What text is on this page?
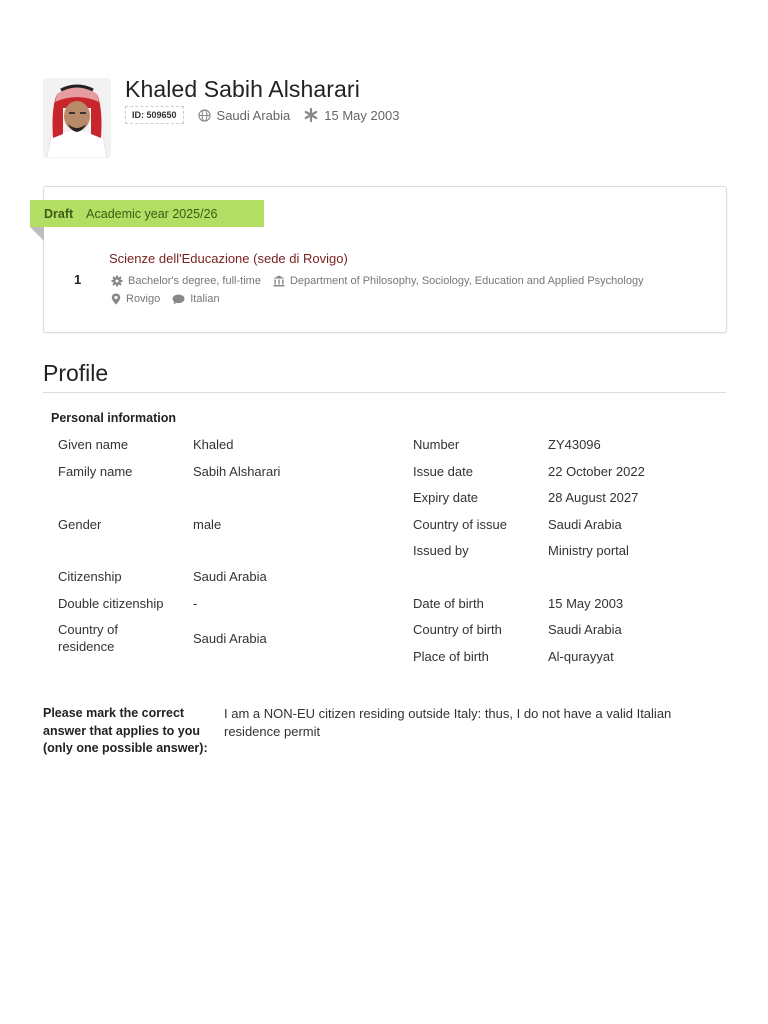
Khaled Sabih Alsharari
ID: 509650	Saudi Arabia	15 May 2003
Draft Academic year 2025/26
1
Scienze dell'Educazione (sede di Rovigo)
Bachelor's degree, full-time	Department of Philosophy, Sociology, Education and Applied Psychology
Rovigo	Italian
Profile
Personal information
Given name	Khaled
Family name	Sabih Alsharari
Gender	male
Citizenship	Saudi Arabia
Double citizenship -
Country of residence
Saudi Arabia
Number	ZY43096
Issue date	22 October 2022
Expiry date	28 August 2027
Country of issue	Saudi Arabia
Issued by	Ministry portal
Date of birth	15 May 2003
Country of birth	Saudi Arabia
Place of birth	Al-qurayyat
Please mark the correct answer that applies to you (only one possible answer):
I am a NON-EU citizen residing outside Italy: thus, I do not have a valid Italian residence permit
